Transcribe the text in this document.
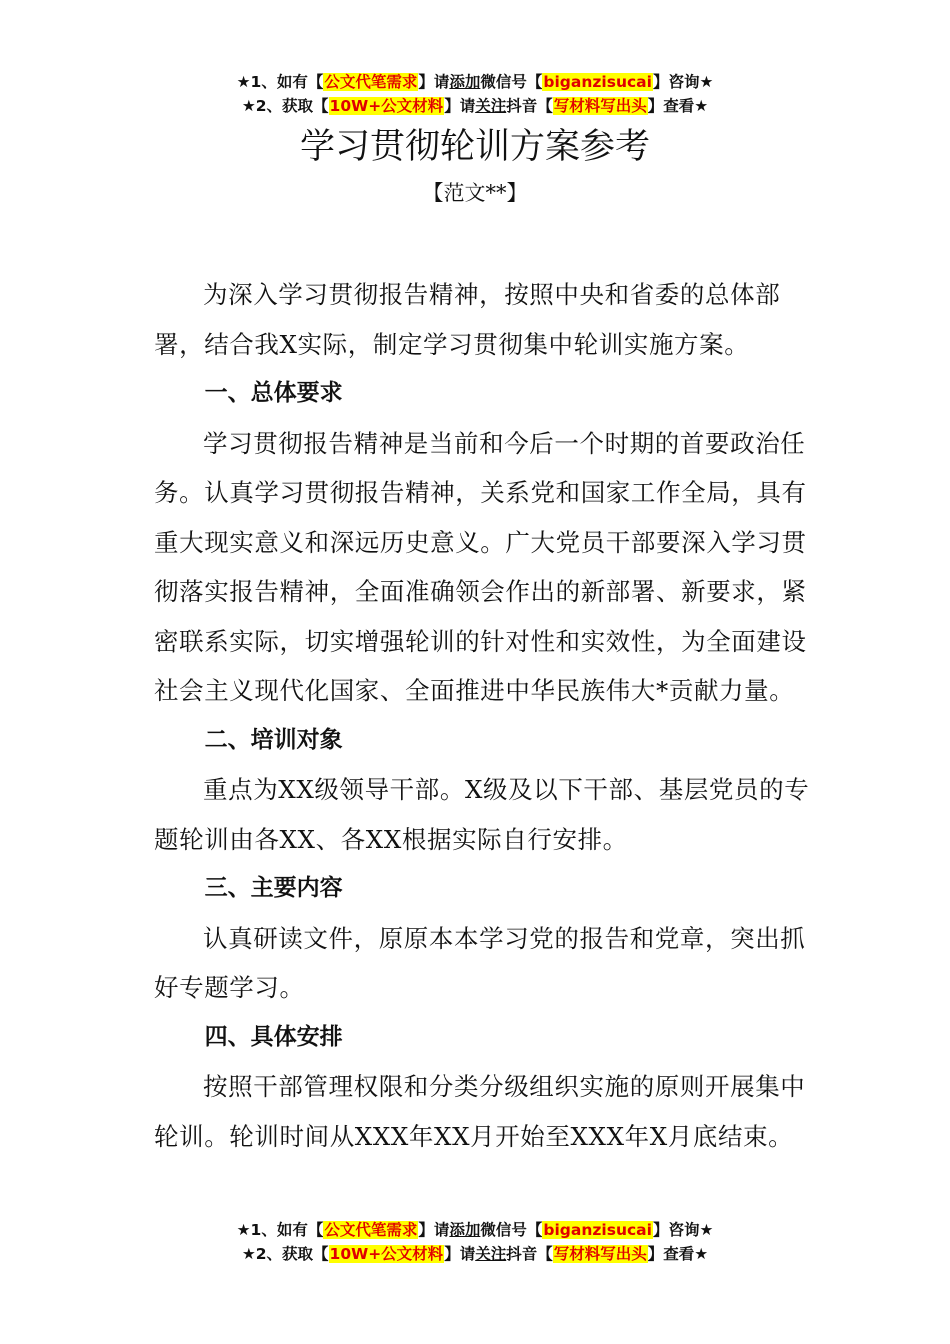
★1、如有【公文代笔需求】请添加微信号【biganzisucai】咨询★
★2、获取【10W+公文材料】请关注抖音【写材料写出头】查看★
学习贯彻轮训方案参考
【范文**】

为深入学习贯彻报告精神，按照中央和省委的总体部署，结合我X实际，制定学习贯彻集中轮训实施方案。

一、总体要求

学习贯彻报告精神是当前和今后一个时期的首要政治任务。认真学习贯彻报告精神，关系党和国家工作全局，具有重大现实意义和深远历史意义。广大党员干部要深入学习贯彻落实报告精神，全面准确领会作出的新部署、新要求，紧密联系实际，切实增强轮训的针对性和实效性，为全面建设社会主义现代化国家、全面推进中华民族伟大*贡献力量。

二、培训对象

重点为XX级领导干部。X级及以下干部、基层党员的专题轮训由各XX、各XX根据实际自行安排。

三、主要内容

认真研读文件，原原本本学习党的报告和党章，突出抓好专题学习。

四、具体安排

按照干部管理权限和分类分级组织实施的原则开展集中轮训。轮训时间从XXX年XX月开始至XXX年X月底结束。

★1、如有【公文代笔需求】请添加微信号【biganzisucai】咨询★
★2、获取【10W+公文材料】请关注抖音【写材料写出头】查看★
